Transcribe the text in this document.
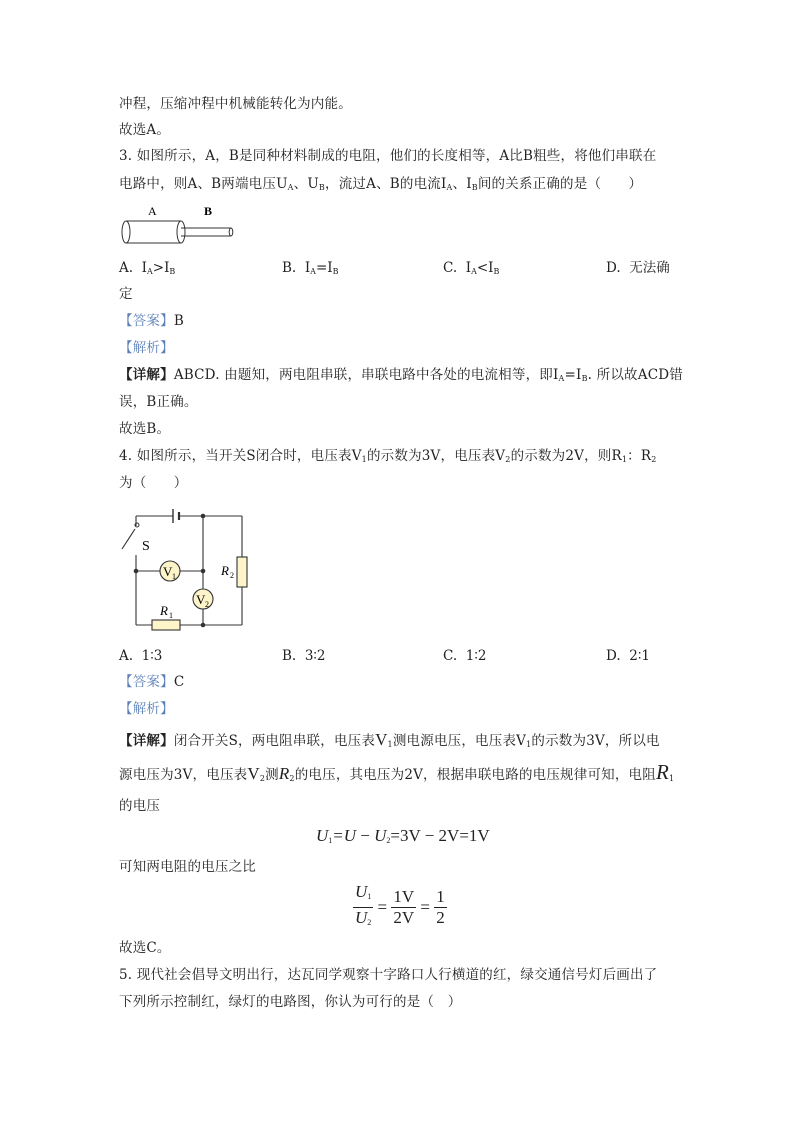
冲程，压缩冲程中机械能转化为内能。
故选A。
3. 如图所示，A，B是同种材料制成的电阻，他们的长度相等，A比B粗些，将他们串联在
电路中，则A、B两端电压$U_A$、$U_B$，流过A、B的电流$I_A$、$I_B$间的关系正确的是（　　）
A	B
A. $I_A>I_B$	B. $I_A=I_B$	C. $I_A<I_B$	D. 无法确
定
【答案】B
【解析】
【详解】ABCD. 由题知，两电阻串联，串联电路中各处的电流相等，即$I_A=I_B$. 所以故ACD错
误，B正确。
故选B。
4. 如图所示，当开关S闭合时，电压表$V_1$的示数为3V，电压表$V_2$的示数为2V，则$R_1$：$R_2$
为（　　）
V 1
V 2
R 2
R 1
S
A. 1∶3	B. 3∶2	C. 1∶2	D. 2∶1
【答案】C
【解析】
【详解】闭合开关S，两电阻串联，电压表$V_1$测电源电压，电压表$V_1$的示数为3V，所以电
源电压为3V，电压表$V_2$测$R_2$的电压，其电压为2V，根据串联电路的电压规律可知，电阻$R_1$
的电压
$U_1=U - U_2=3V - 2V=1V$
可知两电阻的电压之比
$\frac{U_1}{U_2} = \frac{1V}{2V} = \frac{1}{2}$
故选C。
5. 现代社会倡导文明出行，达瓦同学观察十字路口人行横道的红，绿交通信号灯后画出了
下列所示控制红，绿灯的电路图，你认为可行的是（　）
